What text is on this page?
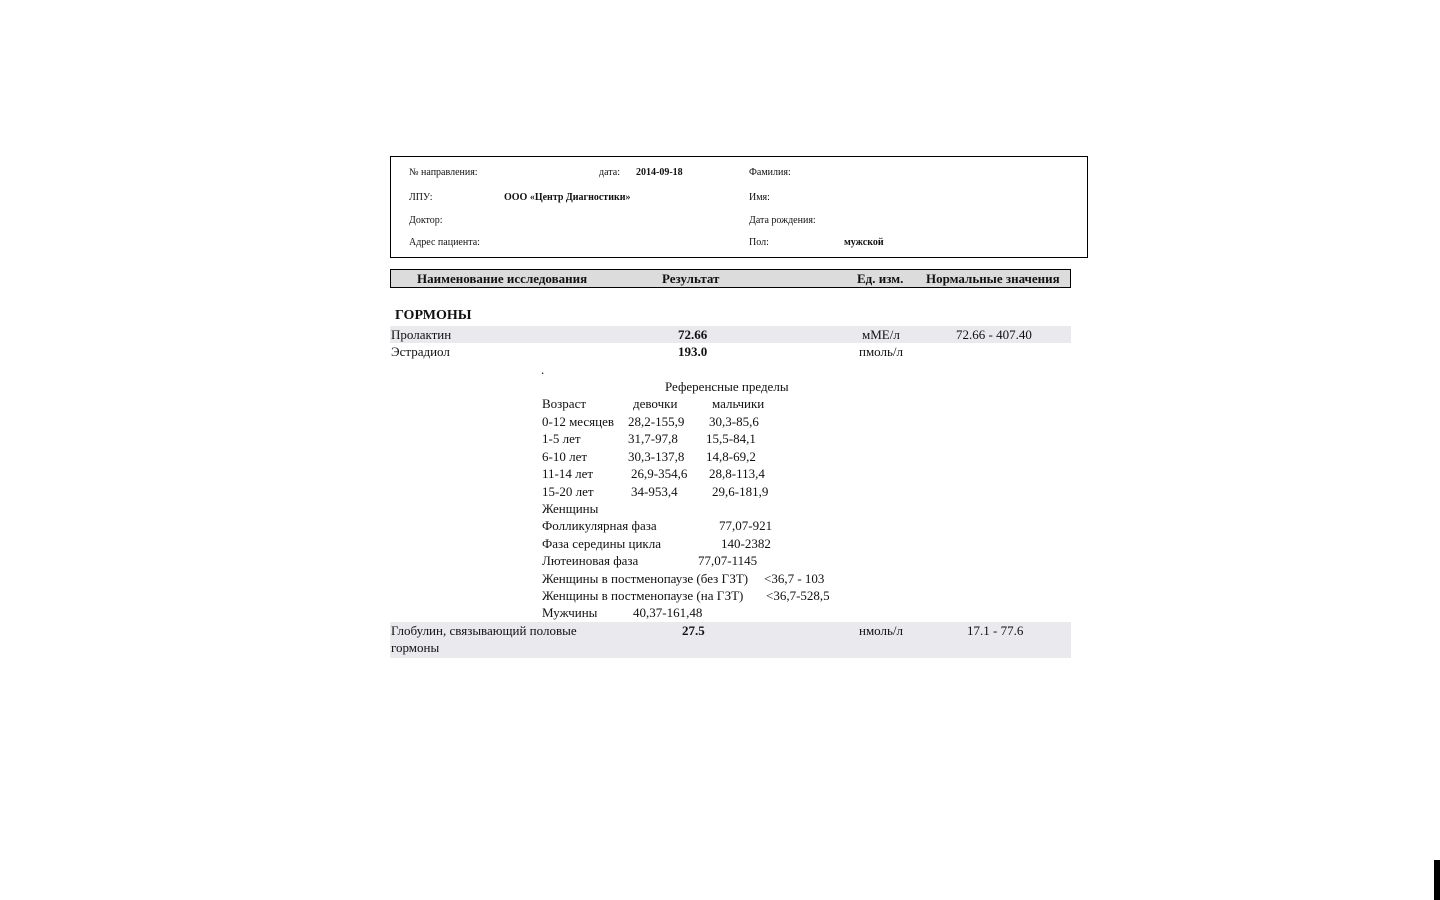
№ направления:	дата: 2014-09-18	Фамилия:
ЛПУ:	ООО «Центр Диагностики»	Имя:
Доктор:	Дата рождения:
Адрес пациента:	Пол:	мужской
Наименование исследования	Результат	Ед. изм. Нормальные значения
ГОРМОНЫ
Пролактин	72.66	мМЕ/л	72.66 - 407.40
Эстрадиол	193.0	пмоль/л
.
Референсные пределы
Возраст	девочки	мальчики
0-12 месяцев 28,2-155,9 30,3-85,6
1-5 лет	31,7-97,8 15,5-84,1
6-10 лет	30,3-137,8 14,8-69,2
11-14 лет	26,9-354,6 28,8-113,4
15-20 лет	34-953,4	29,6-181,9
Женщины
Фолликулярная фаза	77,07-921
Фаза середины цикла	140-2382
Лютеиновая фаза	77,07-1145
Женщины в постменопаузе (без ГЗТ) <36,7 - 103
Женщины в постменопаузе (на ГЗТ) <36,7-528,5
Мужчины	40,37-161,48
Глобулин, связывающий половые
гормоны
27.5	нмоль/л	17.1 - 77.6
